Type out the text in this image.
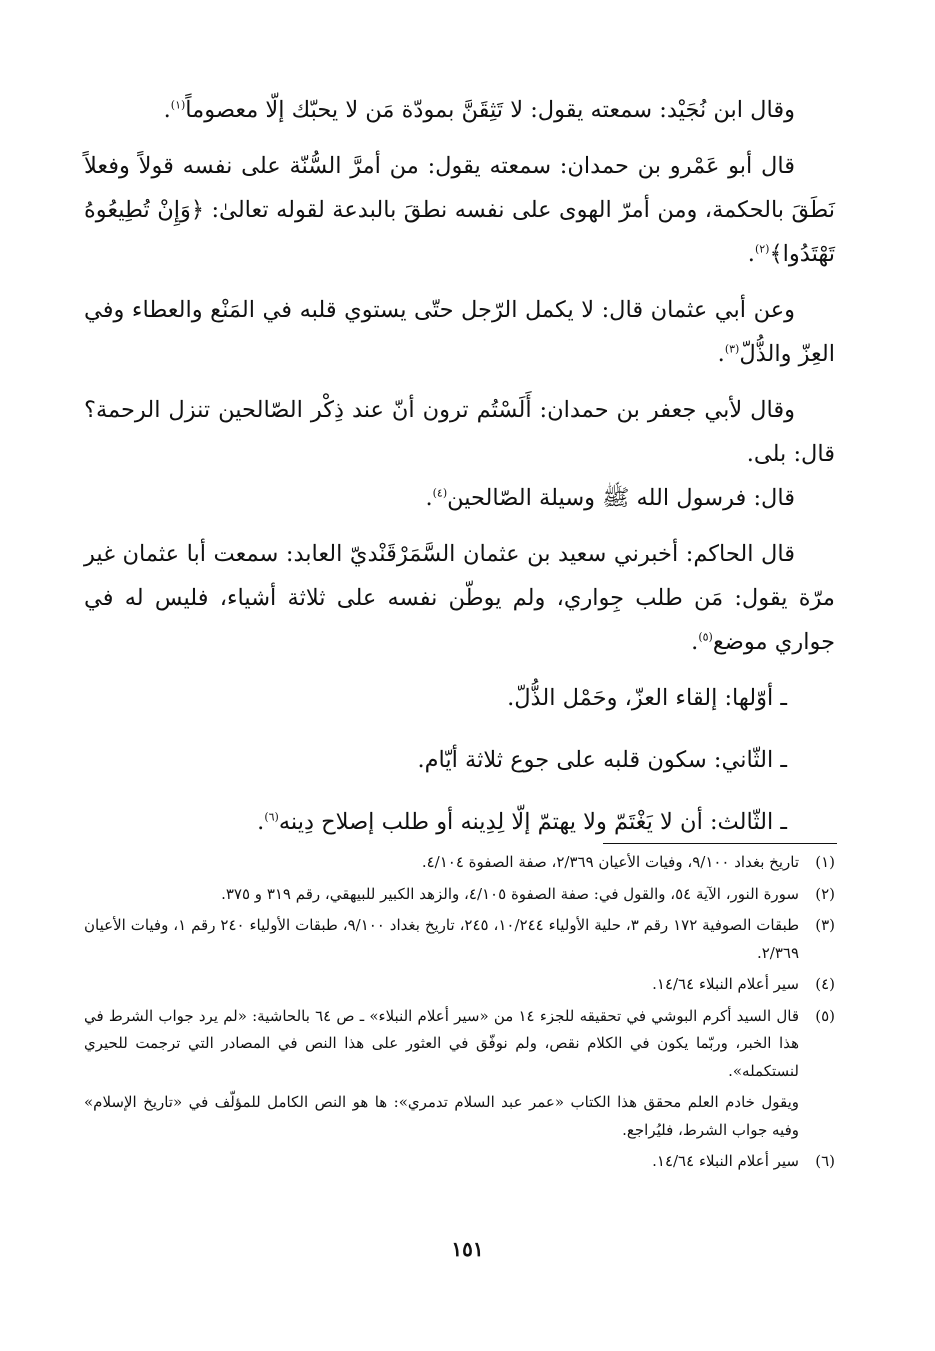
وقال ابن نُجَيْد: سمعته يقول: لا تَثِقَنَّ بمودّة مَن لا يحبّك إلّا معصوماً$^{(١)}$.

قال أبو عَمْرو بن حمدان: سمعته يقول: من أمرَّ السُّنّة على نفسه قولاً وفعلاً نَطَقَ بالحكمة، ومن أمرّ الهوى على نفسه نطقَ بالبدعة لقوله تعالىٰ: ﴿وَإِنْ تُطِيعُوهُ تَهْتَدُوا﴾$^{(٢)}$.

وعن أبي عثمان قال: لا يكمل الرّجل حتّى يستوي قلبه في المَنْع والعطاء وفي العِزّ والذُّلّ$^{(٣)}$.

وقال لأبي جعفر بن حمدان: أَلَسْتُم ترون أنّ عند ذِكْر الصّالحين تنزل الرحمة؟ قال: بلى.

قال: فرسول الله ﷺ وسيلة الصّالحين$^{(٤)}$.

قال الحاكم: أخبرني سعيد بن عثمان السَّمَرْقَنْديّ العابد: سمعت أبا عثمان غير مرّة يقول: مَن طلب جِواري، ولم يوطّن نفسه على ثلاثة أشياء، فليس له في جواري موضع$^{(٥)}$.

ـ أوّلها: إلقاء العزّ، وحَمْل الذُّلّ.

ـ الثّاني: سكون قلبه على جوع ثلاثة أيّام.

ـ الثّالث: أن لا يَغْتَمّ ولا يهتمّ إلّا لِدِينه أو طلب إصلاح دِينه$^{(٦)}$.

(١)
تاريخ بغداد ٩/١٠٠، وفيات الأعيان ٢/٣٦٩، صفة الصفوة ٤/١٠٤.
(٢)
سورة النور، الآية ٥٤، والقول في: صفة الصفوة ٤/١٠٥، والزهد الكبير للبيهقي، رقم ٣١٩ و ٣٧٥.
(٣)
طبقات الصوفية ١٧٢ رقم ٣، حلية الأولياء ١٠/٢٤٤، ٢٤٥، تاريخ بغداد ٩/١٠٠، طبقات الأولياء ٢٤٠ رقم ١، وفيات الأعيان ٢/٣٦٩.
(٤)
سير أعلام النبلاء ١٤/٦٤.
(٥)
قال السيد أكرم البوشي في تحقيقه للجزء ١٤ من «سير أعلام النبلاء» ـ ص ٦٤ بالحاشية: «لم يرد جواب الشرط في هذا الخبر، وربّما يكون في الكلام نقص، ولم نوفّق في العثور على هذا النص في المصادر التي ترجمت للحيري لنستكمله».
ويقول خادم العلم محقق هذا الكتاب «عمر عبد السلام تدمري»: ها هو النص الكامل للمؤلّف في «تاريخ الإسلام» وفيه جواب الشرط، فليُراجع.
(٦)
سير أعلام النبلاء ١٤/٦٤.
١٥١
